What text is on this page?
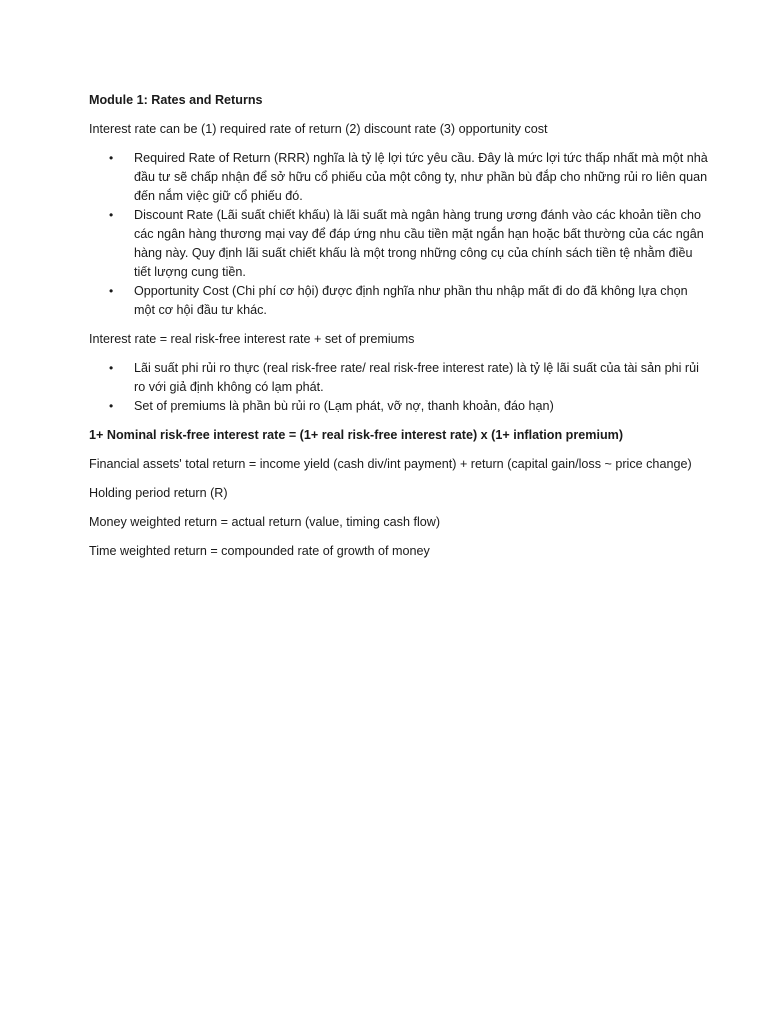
Module 1: Rates and Returns

Interest rate can be (1) required rate of return (2) discount rate (3) opportunity cost

• Required Rate of Return (RRR) nghĩa là tỷ lệ lợi tức yêu cầu. Đây là mức lợi tức thấp nhất mà một nhà đầu tư sẽ chấp nhận để sở hữu cổ phiếu của một công ty, như phần bù đắp cho những rủi ro liên quan đến nắm việc giữ cổ phiếu đó.
• Discount Rate (Lãi suất chiết khấu) là lãi suất mà ngân hàng trung ương đánh vào các khoản tiền cho các ngân hàng thương mại vay để đáp ứng nhu cầu tiền mặt ngắn hạn hoặc bất thường của các ngân hàng này. Quy định lãi suất chiết khấu là một trong những công cụ của chính sách tiền tệ nhằm điều tiết lượng cung tiền.
• Opportunity Cost (Chi phí cơ hội) được định nghĩa như phần thu nhập mất đi do đã không lựa chọn một cơ hội đầu tư khác.

Interest rate = real risk-free interest rate + set of premiums

• Lãi suất phi rủi ro thực (real risk-free rate/ real risk-free interest rate) là tỷ lệ lãi suất của tài sản phi rủi ro với giả định không có lạm phát.
• Set of premiums là phần bù rủi ro (Lạm phát, vỡ nợ, thanh khoản, đáo hạn)

1+ Nominal risk-free interest rate = (1+ real risk-free interest rate) x (1+ inflation premium)

Financial assets' total return = income yield (cash div/int payment) + return (capital gain/loss ~ price change)

Holding period return (R)

Money weighted return = actual return (value, timing cash flow)

Time weighted return = compounded rate of growth of money
